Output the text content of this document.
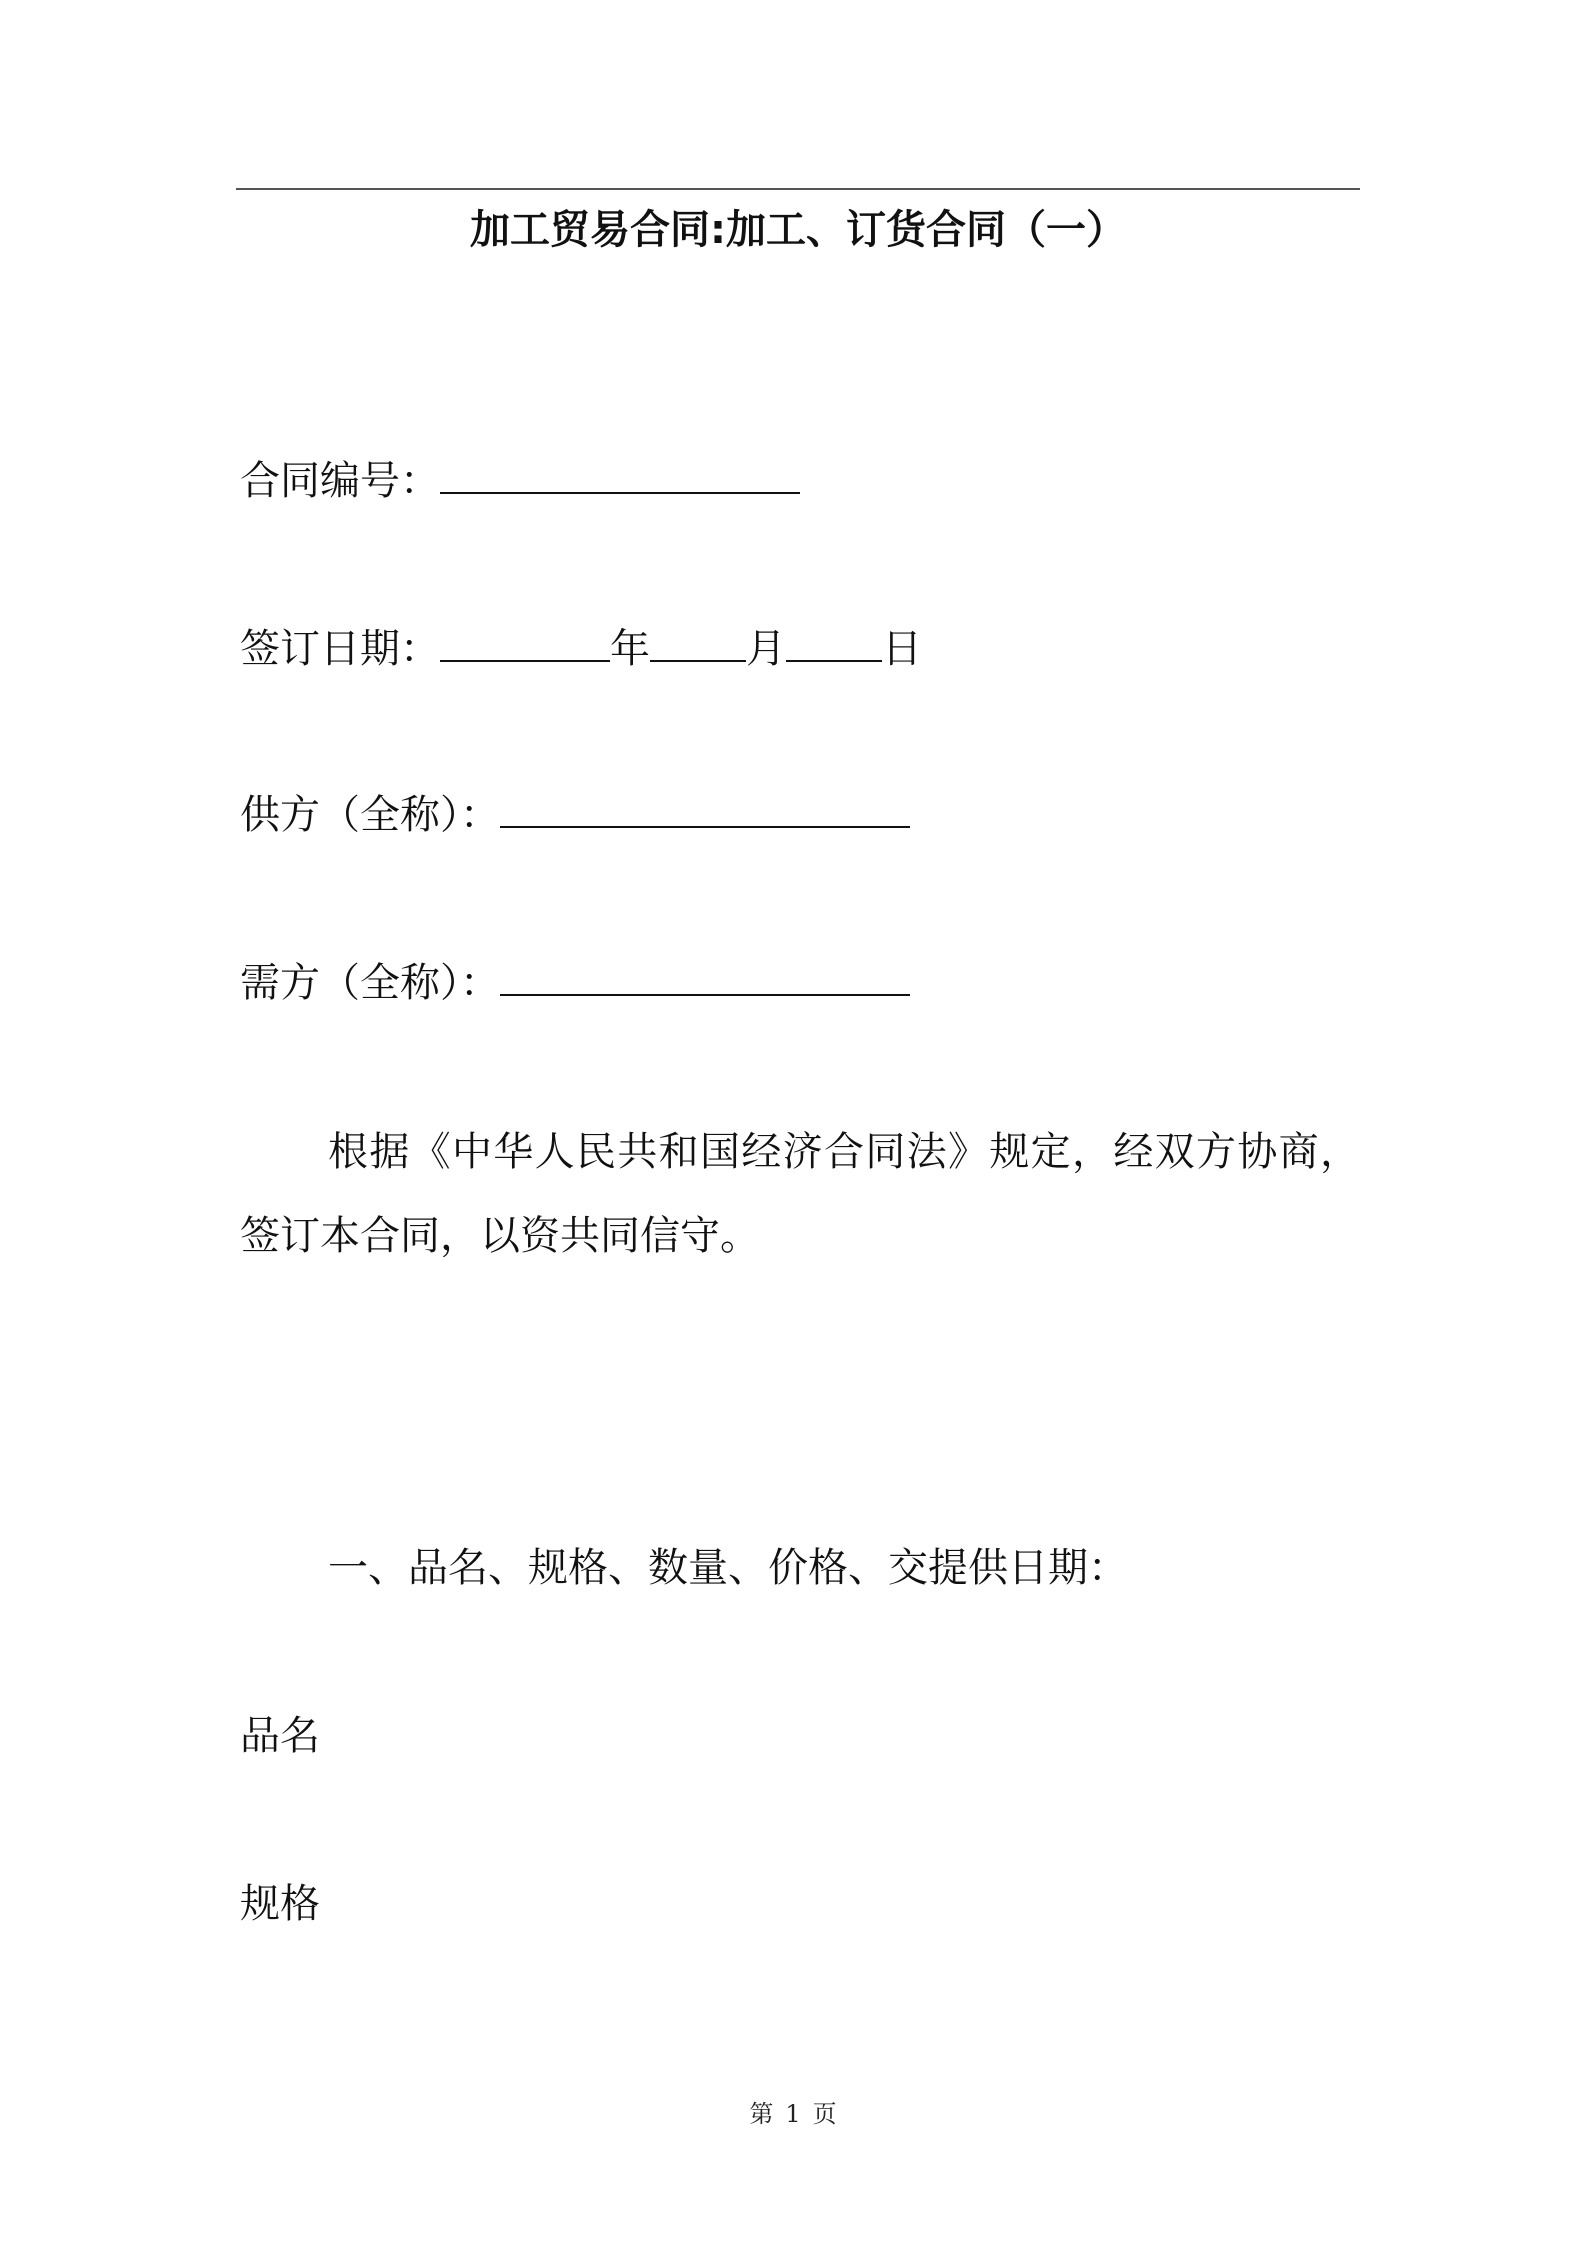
加工贸易合同:加工、订货合同（一）
合同编号：
签订日期：	年 月 日
供方（全称）：
需方（全称）：
根据《中华人民共和国经济合同法》规定，经双方协商，签订本合同，以资共同信守。
一、品名、规格、数量、价格、交提供日期：
品名
规格
第 1 页
